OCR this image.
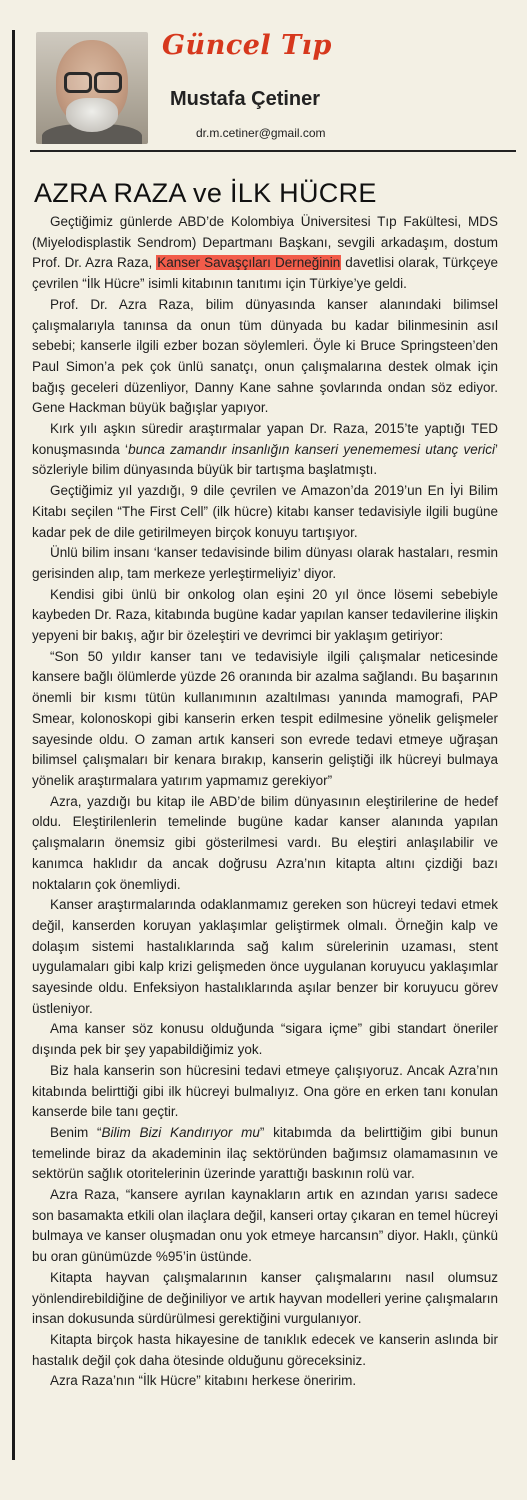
Güncel Tıp
Mustafa Çetiner
dr.m.cetiner@gmail.com
AZRA RAZA ve İLK HÜCRE

Geçtiğimiz günlerde ABD’de Kolombiya Üniversitesi Tıp Fakültesi, MDS (Miyelodisplastik Sendrom) Departmanı Başkanı, sevgili arkadaşım, dostum Prof. Dr. Azra Raza, Kanser Savaşçıları Derneğinin davetlisi olarak, Türkçeye çevrilen “İlk Hücre” isimli kitabının tanıtımı için Türkiye’ye geldi.

Prof. Dr. Azra Raza, bilim dünyasında kanser alanındaki bilimsel çalışmalarıyla tanınsa da onun tüm dünyada bu kadar bilinmesinin asıl sebebi; kanserle ilgili ezber bozan söylemleri. Öyle ki Bruce Springsteen’den Paul Simon’a pek çok ünlü sanatçı, onun çalışmalarına destek olmak için bağış geceleri düzenliyor, Danny Kane sahne şovlarında ondan söz ediyor. Gene Hackman büyük bağışlar yapıyor.

Kırk yılı aşkın süredir araştırmalar yapan Dr. Raza, 2015’te yaptığı TED konuşmasında ‘bunca zamandır insanlığın kanseri yenememesi utanç verici’ sözleriyle bilim dünyasında büyük bir tartışma başlatmıştı.

Geçtiğimiz yıl yazdığı, 9 dile çevrilen ve Amazon’da 2019’un En İyi Bilim Kitabı seçilen “The First Cell” (ilk hücre) kitabı kanser tedavisiyle ilgili bugüne kadar pek de dile getirilmeyen birçok konuyu tartışıyor.

Ünlü bilim insanı ‘kanser tedavisinde bilim dünyası olarak hastaları, resmin gerisinden alıp, tam merkeze yerleştirmeliyiz’ diyor.

Kendisi gibi ünlü bir onkolog olan eşini 20 yıl önce lösemi sebebiyle kaybeden Dr. Raza, kitabında bugüne kadar yapılan kanser tedavilerine ilişkin yepyeni bir bakış, ağır bir özeleştiri ve devrimci bir yaklaşım getiriyor:

“Son 50 yıldır kanser tanı ve tedavisiyle ilgili çalışmalar neticesinde kansere bağlı ölümlerde yüzde 26 oranında bir azalma sağlandı. Bu başarının önemli bir kısmı tütün kullanımının azaltılması yanında mamografi, PAP Smear, kolonoskopi gibi kanserin erken tespit edilmesine yönelik gelişmeler sayesinde oldu. O zaman artık kanseri son evrede tedavi etmeye uğraşan bilimsel çalışmaları bir kenara bırakıp, kanserin geliştiği ilk hücreyi bulmaya yönelik araştırmalara yatırım yapmamız gerekiyor”

Azra, yazdığı bu kitap ile ABD’de bilim dünyasının eleştirilerine de hedef oldu. Eleştirilenlerin temelinde bugüne kadar kanser alanında yapılan çalışmaların önemsiz gibi gösterilmesi vardı. Bu eleştiri anlaşılabilir ve kanımca haklıdır da ancak doğrusu Azra’nın kitapta altını çizdiği bazı noktaların çok önemliydi.

Kanser araştırmalarında odaklanmamız gereken son hücreyi tedavi etmek değil, kanserden koruyan yaklaşımlar geliştirmek olmalı. Örneğin kalp ve dolaşım sistemi hastalıklarında sağ kalım sürelerinin uzaması, stent uygulamaları gibi kalp krizi gelişmeden önce uygulanan koruyucu yaklaşımlar sayesinde oldu. Enfeksiyon hastalıklarında aşılar benzer bir koruyucu görev üstleniyor.

Ama kanser söz konusu olduğunda “sigara içme” gibi standart öneriler dışında pek bir şey yapabildiğimiz yok.

Biz hala kanserin son hücresini tedavi etmeye çalışıyoruz. Ancak Azra’nın kitabında belirttiği gibi ilk hücreyi bulmalıyız. Ona göre en erken tanı konulan kanserde bile tanı geçtir.

Benim “Bilim Bizi Kandırıyor mu” kitabımda da belirttiğim gibi bunun temelinde biraz da akademinin ilaç sektöründen bağımsız olamamasının ve sektörün sağlık otoritelerinin üzerinde yarattığı baskının rolü var.

Azra Raza, “kansere ayrılan kaynakların artık en azından yarısı sadece son basamakta etkili olan ilaçlara değil, kanseri ortay çıkaran en temel hücreyi bulmaya ve kanser oluşmadan onu yok etmeye harcansın” diyor. Haklı, çünkü bu oran günümüzde %95’in üstünde.

Kitapta hayvan çalışmalarının kanser çalışmalarını nasıl olumsuz yönlendirebildiğine de değiniliyor ve artık hayvan modelleri yerine çalışmaların insan dokusunda sürdürülmesi gerektiğini vurgulanıyor.

Kitapta birçok hasta hikayesine de tanıklık edecek ve kanserin aslında bir hastalık değil çok daha ötesinde olduğunu göreceksiniz.

Azra Raza’nın “İlk Hücre” kitabını herkese öneririm.
